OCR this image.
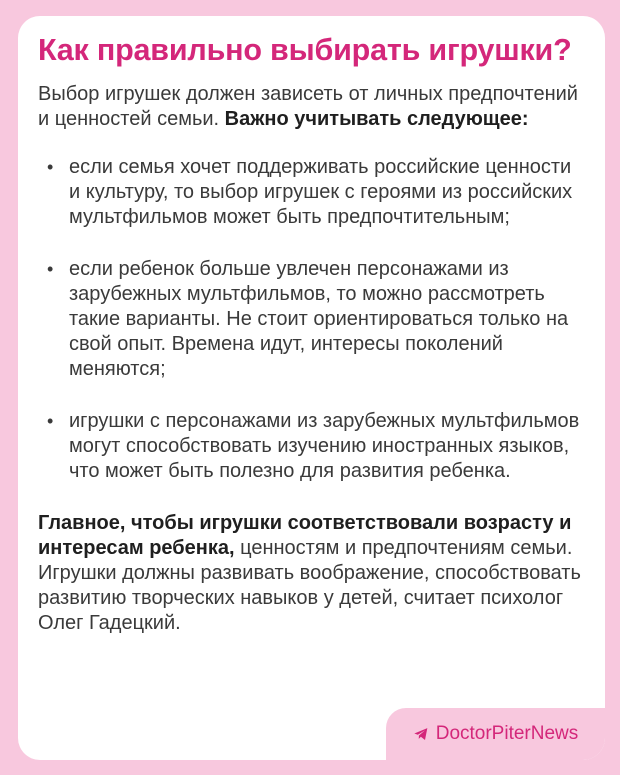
Как правильно выбирать игрушки?

Выбор игрушек должен зависеть от личных предпочтений и ценностей семьи. Важно учитывать следующее:

• если семья хочет поддерживать российские ценности и культуру, то выбор игрушек с героями из российских мультфильмов может быть предпочтительным;
• если ребенок больше увлечен персонажами из зарубежных мультфильмов, то можно рассмотреть такие варианты. Не стоит ориентироваться только на свой опыт. Времена идут, интересы поколений меняются;
• игрушки с персонажами из зарубежных мультфильмов могут способствовать изучению иностранных языков, что может быть полезно для развития ребенка.

Главное, чтобы игрушки соответствовали возрасту и интересам ребенка, ценностям и предпочтениям семьи. Игрушки должны развивать воображение, способствовать развитию творческих навыков у детей, считает психолог Олег Гадецкий.

DoctorPiterNews
